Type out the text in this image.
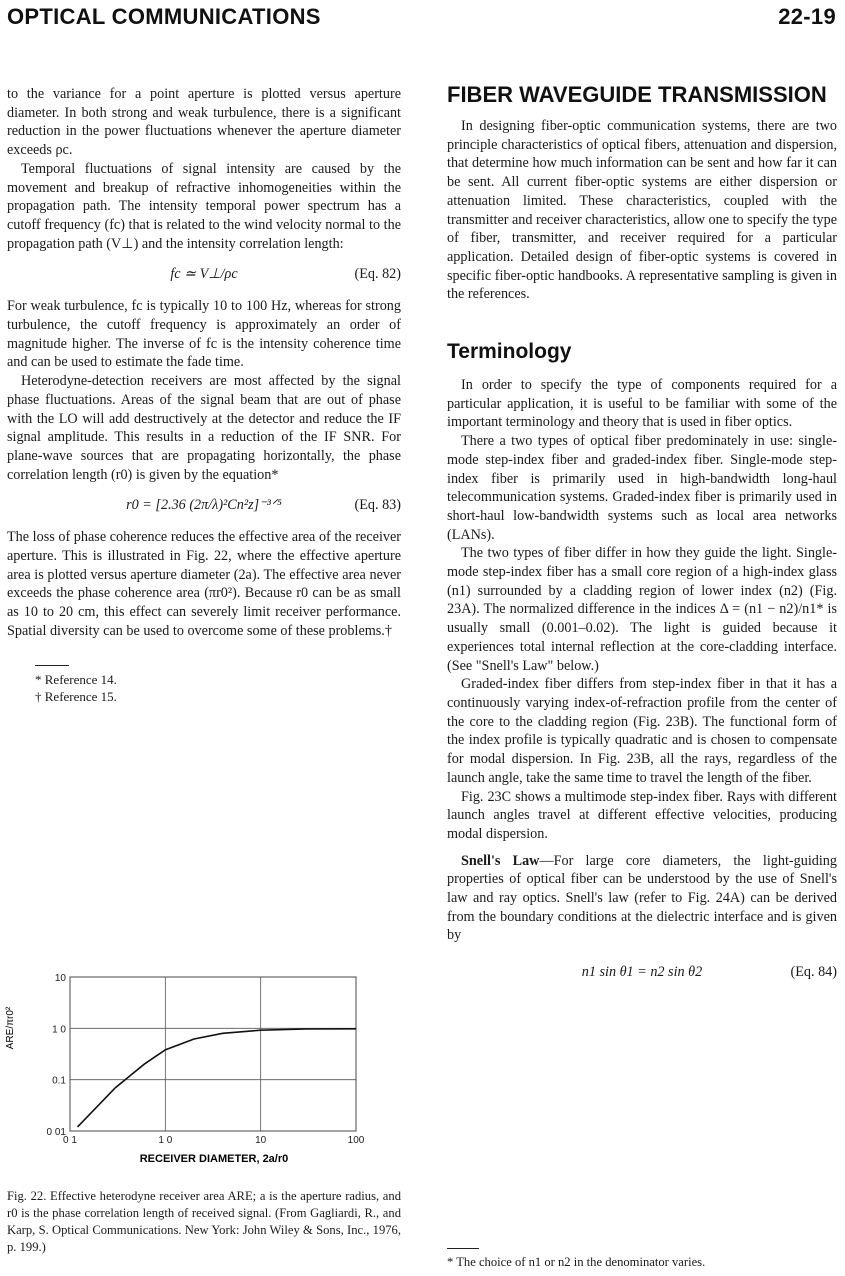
OPTICAL COMMUNICATIONS	22-19

to the variance for a point aperture is plotted versus aperture diameter. In both strong and weak turbulence, there is a significant reduction in the power fluctuations whenever the aperture diameter exceeds ρc.

Temporal fluctuations of signal intensity are caused by the movement and breakup of refractive inhomogeneities within the propagation path. The intensity temporal power spectrum has a cutoff frequency (fc) that is related to the wind velocity normal to the propagation path (V⊥) and the intensity correlation length:

fc ≃ V⊥/ρc	(Eq. 82)

For weak turbulence, fc is typically 10 to 100 Hz, whereas for strong turbulence, the cutoff frequency is approximately an order of magnitude higher. The inverse of fc is the intensity coherence time and can be used to estimate the fade time.

Heterodyne-detection receivers are most affected by the signal phase fluctuations. Areas of the signal beam that are out of phase with the LO will add destructively at the detector and reduce the IF signal amplitude. This results in a reduction of the IF SNR. For plane-wave sources that are propagating horizontally, the phase correlation length (r0) is given by the equation*

r0 = [2.36 (2π/λ)²Cn²z]⁻³ᐟ⁵	(Eq. 83)

The loss of phase coherence reduces the effective area of the receiver aperture. This is illustrated in Fig. 22, where the effective aperture area is plotted versus aperture diameter (2a). The effective area never exceeds the phase coherence area (πr0²). Because r0 can be as small as 10 to 20 cm, this effect can severely limit receiver performance. Spatial diversity can be used to overcome some of these problems.†

* Reference 14.
† Reference 15.
0 1	1 0	10	100
0 01
0.1
1 0
10
ARE/πr0²
RECEIVER DIAMETER, 2a/r0
Fig. 22. Effective heterodyne receiver area ARE; a is the aperture radius, and r0 is the phase correlation length of received signal. (From Gagliardi, R., and Karp, S. Optical Communications. New York: John Wiley & Sons, Inc., 1976, p. 199.)
FIBER WAVEGUIDE TRANSMISSION

In designing fiber-optic communication systems, there are two principle characteristics of optical fibers, attenuation and dispersion, that determine how much information can be sent and how far it can be sent. All current fiber-optic systems are either dispersion or attenuation limited. These characteristics, coupled with the transmitter and receiver characteristics, allow one to specify the type of fiber, transmitter, and receiver required for a particular application. Detailed design of fiber-optic systems is covered in specific fiber-optic handbooks. A representative sampling is given in the references.

Terminology

In order to specify the type of components required for a particular application, it is useful to be familiar with some of the important terminology and theory that is used in fiber optics.

There a two types of optical fiber predominately in use: single-mode step-index fiber and graded-index fiber. Single-mode step-index fiber is primarily used in high-bandwidth long-haul telecommunication systems. Graded-index fiber is primarily used in short-haul low-bandwidth systems such as local area networks (LANs).

The two types of fiber differ in how they guide the light. Single-mode step-index fiber has a small core region of a high-index glass (n1) surrounded by a cladding region of lower index (n2) (Fig. 23A). The normalized difference in the indices Δ = (n1 − n2)/n1* is usually small (0.001–0.02). The light is guided because it experiences total internal reflection at the core-cladding interface. (See "Snell's Law" below.)

Graded-index fiber differs from step-index fiber in that it has a continuously varying index-of-refraction profile from the center of the core to the cladding region (Fig. 23B). The functional form of the index profile is typically quadratic and is chosen to compensate for modal dispersion. In Fig. 23B, all the rays, regardless of the launch angle, take the same time to travel the length of the fiber.

Fig. 23C shows a multimode step-index fiber. Rays with different launch angles travel at different effective velocities, producing modal dispersion.

Snell's Law—For large core diameters, the light-guiding properties of optical fiber can be understood by the use of Snell's law and ray optics. Snell's law (refer to Fig. 24A) can be derived from the boundary conditions at the dielectric interface and is given by

n1 sin θ1 = n2 sin θ2	(Eq. 84)
* The choice of n1 or n2 in the denominator varies.
